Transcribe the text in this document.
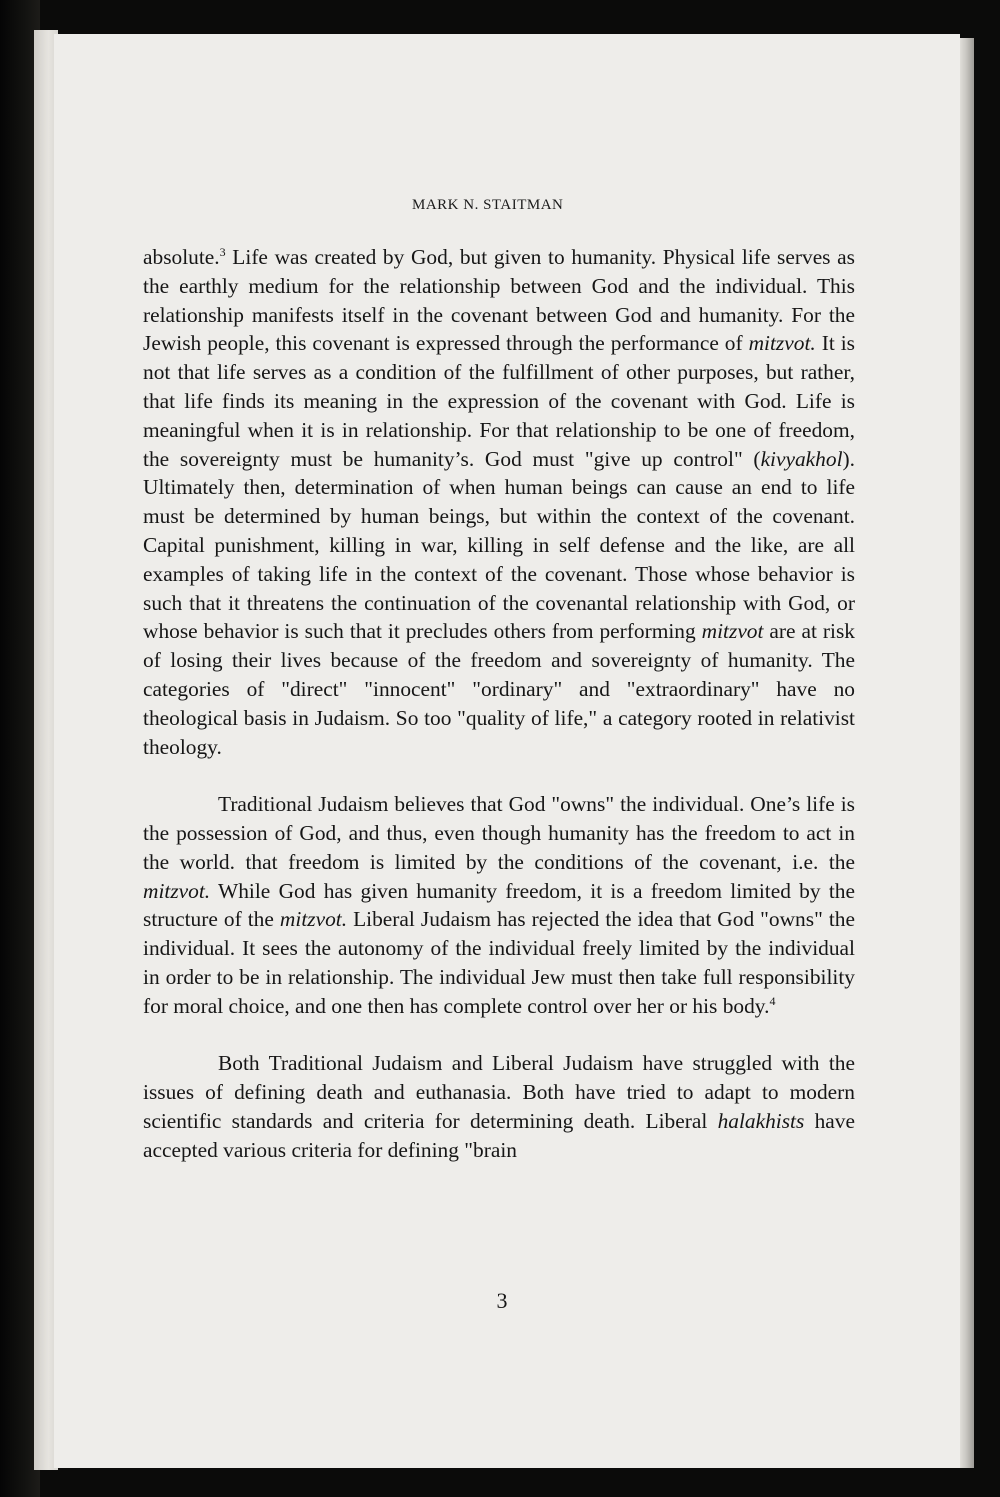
MARK N. STAITMAN

absolute.$^3$ Life was created by God, but given to humanity. Physical life serves as the earthly medium for the relationship between God and the individual. This relationship manifests itself in the covenant between God and humanity. For the Jewish people, this covenant is expressed through the performance of mitzvot. It is not that life serves as a condition of the fulfillment of other purposes, but rather, that life finds its meaning in the expression of the covenant with God. Life is meaningful when it is in relationship. For that relationship to be one of freedom, the sovereignty must be humanity’s. God must "give up control" (kivyakhol). Ultimately then, determination of when human beings can cause an end to life must be determined by human beings, but within the context of the covenant. Capital punishment, killing in war, killing in self defense and the like, are all examples of taking life in the context of the covenant. Those whose behavior is such that it threatens the continuation of the covenantal relationship with God, or whose behavior is such that it precludes others from performing mitzvot are at risk of losing their lives because of the freedom and sovereignty of humanity. The categories of "direct" "innocent" "ordinary" and "extraordinary" have no theological basis in Judaism. So too "quality of life," a category rooted in relativist theology.

Traditional Judaism believes that God "owns" the individual. One’s life is the possession of God, and thus, even though humanity has the freedom to act in the world. that freedom is limited by the conditions of the covenant, i.e. the mitzvot. While God has given humanity freedom, it is a freedom limited by the structure of the mitzvot. Liberal Judaism has rejected the idea that God "owns" the individual. It sees the autonomy of the individual freely limited by the individual in order to be in relationship. The individual Jew must then take full responsibility for moral choice, and one then has complete control over her or his body.$^4$

Both Traditional Judaism and Liberal Judaism have struggled with the issues of defining death and euthanasia. Both have tried to adapt to modern scientific standards and criteria for determining death. Liberal halakhists have accepted various criteria for defining "brain

3
